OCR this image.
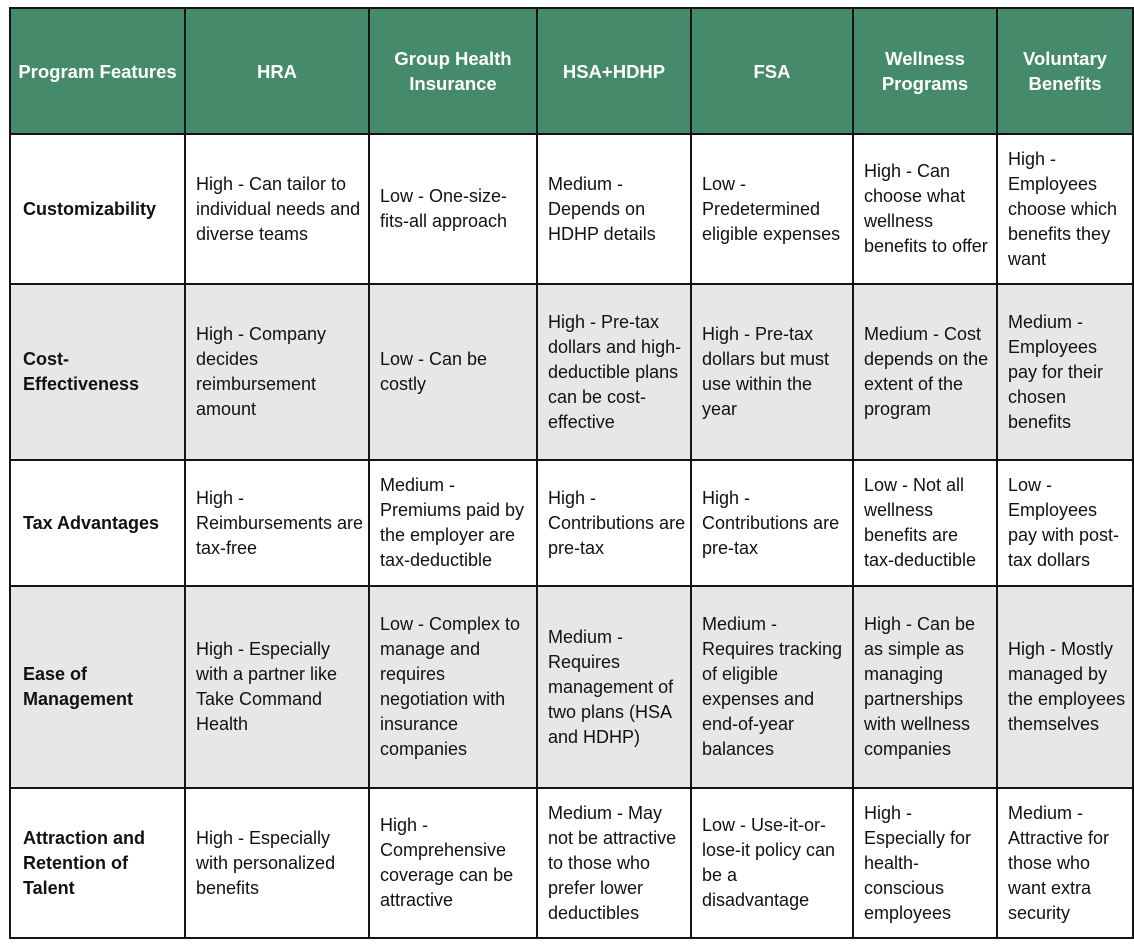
Program Features	HRA	Group Health Insurance	HSA+HDHP	FSA	Wellness Programs	Voluntary Benefits
Customizability	High - Can tailor to individual needs and diverse teams	Low - One-size-fits-all approach	Medium - Depends on HDHP details	Low - Predetermined eligible expenses	High - Can choose what wellness benefits to offer	High - Employees choose which benefits they want
Cost-Effectiveness	High - Company decides reimbursement amount	Low - Can be costly	High - Pre-tax dollars and high-deductible plans can be cost-effective	High - Pre-tax dollars but must use within the year	Medium - Cost depends on the extent of the program	Medium - Employees pay for their chosen benefits
Tax Advantages	High - Reimbursements are tax-free	Medium - Premiums paid by the employer are tax-deductible	High - Contributions are pre-tax	High - Contributions are pre-tax	Low - Not all wellness benefits are tax-deductible	Low - Employees pay with post-tax dollars
Ease of Management	High - Especially with a partner like Take Command Health	Low - Complex to manage and requires negotiation with insurance companies	Medium - Requires management of two plans (HSA and HDHP)	Medium - Requires tracking of eligible expenses and end-of-year balances	High - Can be as simple as managing partnerships with wellness companies	High - Mostly managed by the employees themselves
Attraction and Retention of Talent	High - Especially with personalized benefits	High - Comprehensive coverage can be attractive	Medium - May not be attractive to those who prefer lower deductibles	Low - Use-it-or-lose-it policy can be a disadvantage	High - Especially for health-conscious employees	Medium - Attractive for those who want extra security
